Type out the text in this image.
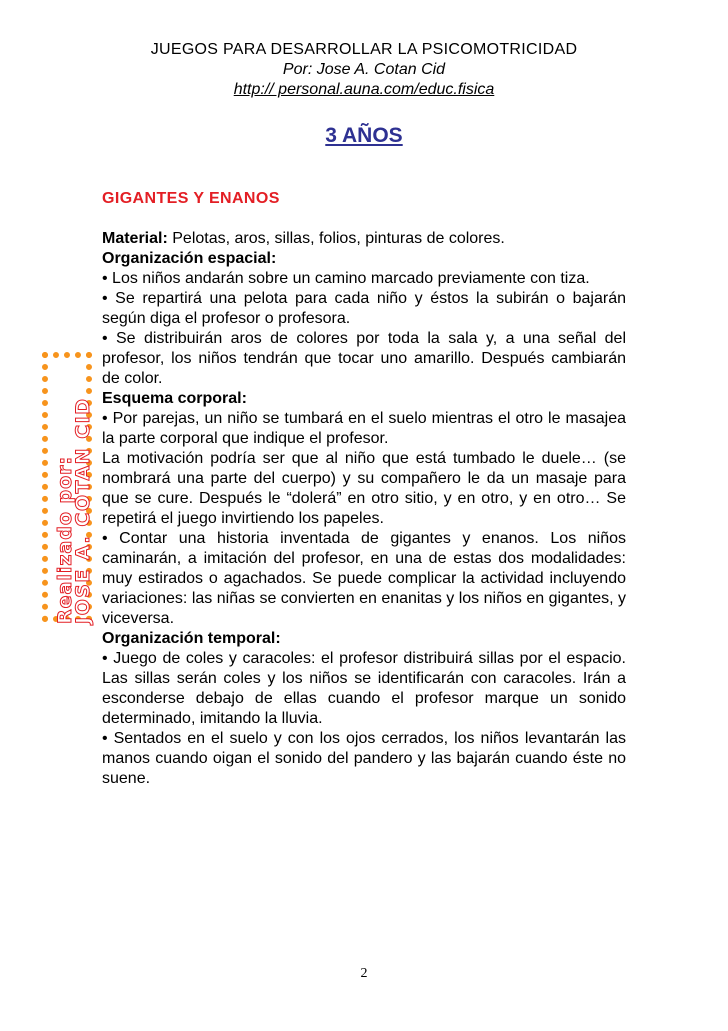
JUEGOS PARA DESARROLLAR LA PSICOMOTRICIDAD
Por: Jose A. Cotan Cid
http:// personal.auna.com/educ.fisica
3 AÑOS
Realizado por:
JOSE A. COTAN CID
GIGANTES Y ENANOS

Material: Pelotas, aros, sillas, folios, pinturas de colores.

Organización espacial:

• Los niños andarán sobre un camino marcado previamente con tiza.

• Se repartirá una pelota para cada niño y éstos la subirán o bajarán según diga el profesor o profesora.

• Se distribuirán aros de colores por toda la sala y, a una señal del profesor, los niños tendrán que tocar uno amarillo. Después cambiarán de color.

Esquema corporal:

• Por parejas, un niño se tumbará en el suelo mientras el otro le masajea la parte corporal que indique el profesor.

La motivación podría ser que al niño que está tumbado le duele… (se nombrará una parte del cuerpo) y su compañero le da un masaje para que se cure. Después le “dolerá” en otro sitio, y en otro, y en otro… Se repetirá el juego invirtiendo los papeles.

• Contar una historia inventada de gigantes y enanos. Los niños caminarán, a imitación del profesor, en una de estas dos modalidades: muy estirados o agachados. Se puede complicar la actividad incluyendo variaciones: las niñas se convierten en enanitas y los niños en gigantes, y viceversa.

Organización temporal:

• Juego de coles y caracoles: el profesor distribuirá sillas por el espacio. Las sillas serán coles y los niños se identificarán con caracoles. Irán a esconderse debajo de ellas cuando el profesor marque un sonido determinado, imitando la lluvia.

• Sentados en el suelo y con los ojos cerrados, los niños levantarán las manos cuando oigan el sonido del pandero y las bajarán cuando éste no suene.

2
